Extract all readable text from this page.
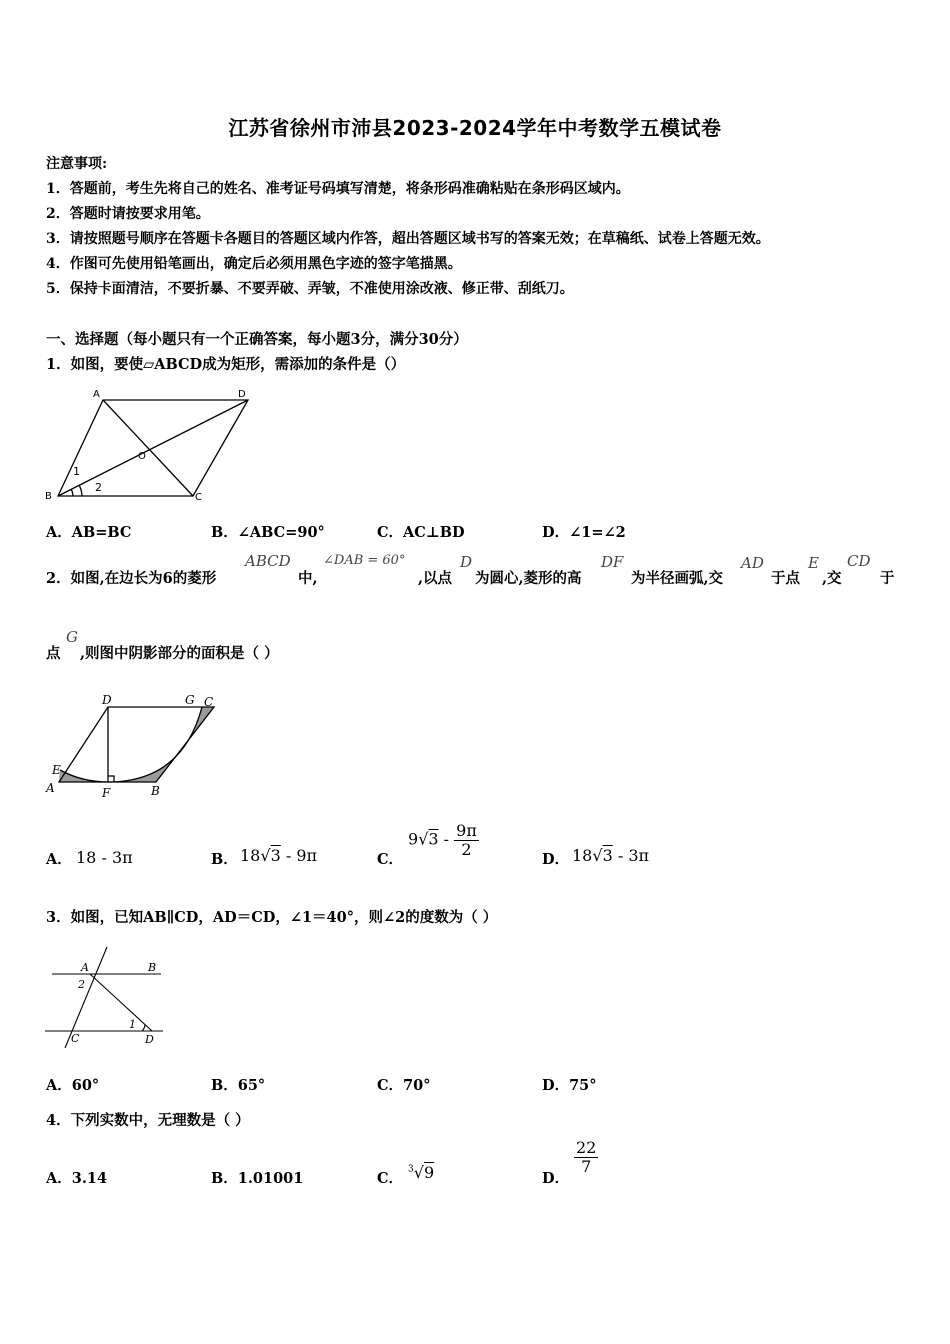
江苏省徐州市沛县2023-2024学年中考数学五模试卷
注意事项:
1．答题前，考生先将自己的姓名、准考证号码填写清楚，将条形码准确粘贴在条形码区域内。
2．答题时请按要求用笔。
3．请按照题号顺序在答题卡各题目的答题区域内作答，超出答题区域书写的答案无效；在草稿纸、试卷上答题无效。
4．作图可先使用铅笔画出，确定后必须用黑色字迹的签字笔描黑。
5．保持卡面清洁，不要折暴、不要弄破、弄皱，不准使用涂改液、修正带、刮纸刀。
一、选择题（每小题只有一个正确答案，每小题3分，满分30分）
1．如图，要使▱ABCD成为矩形，需添加的条件是（）
A	D
B	C
O
1
2
A．AB=BC	B．∠ABC=90°	C．AC⊥BD	D．∠1=∠2
2．如图,在边长为6的菱形
ABCD
中,
∠DAB = 60°
,以点
D
为圆心,菱形的高
DF
为半径画弧,交
AD
于点
E
,交
CD
于
点
G
,则图中阴影部分的面积是（ ）
D	G C
E
A	F	B
A． 18 - 3π	B． 18√3 - 9π	C．
$9√3 - \frac{9\pi}{2}$
D． 18√3 - 3π
3．如图，已知AB∥CD，AD＝CD，∠1＝40°，则∠2的度数为（ ）
A	B
C	D
2
1
A．60°	B．65°	C．70°	D．75°
4．下列实数中，无理数是（ ）
A．3.14	B．1.01001	C．
$^3$√9	D．
$\frac{22}{7}$
